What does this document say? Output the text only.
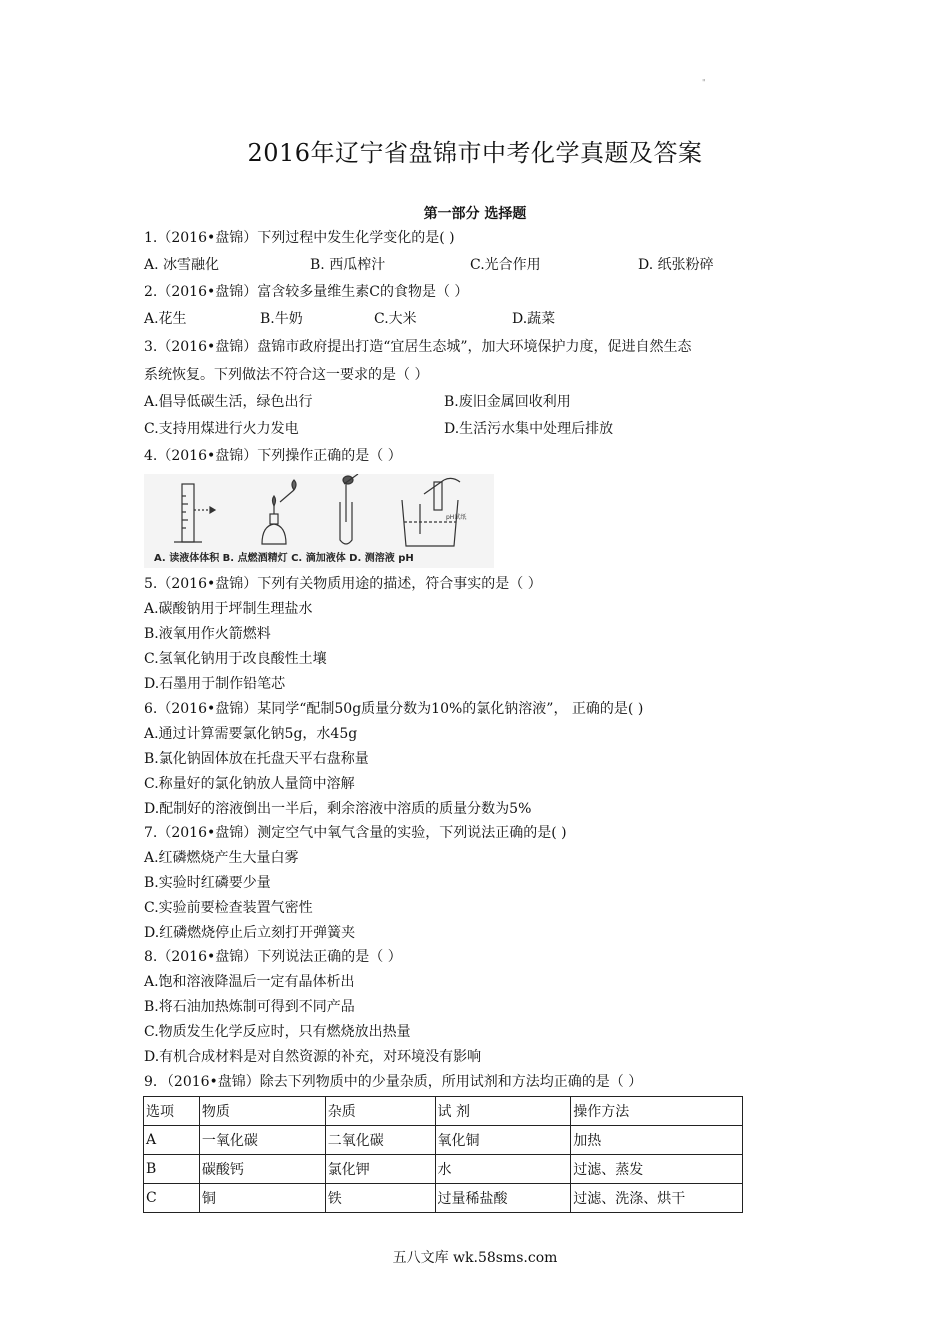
"
2016年辽宁省盘锦市中考化学真题及答案
第一部分 选择题
1.（2016•盘锦）下列过程中发生化学变化的是( )
A. 冰雪融化	B. 西瓜榨汁	C.光合作用	D. 纸张粉碎
2.（2016•盘锦）富含较多量维生素C的食物是（ ）
A.花生	B.牛奶	C.大米	D.蔬菜
3.（2016•盘锦）盘锦市政府提出打造“宜居生态城”，加大环境保护力度，促进自然生态
系统恢复。下列做法不符合这一要求的是（ ）
A.倡导低碳生活，绿色出行	B.废旧金属回收利用
C.支持用煤进行火力发电	D.生活污水集中处理后排放
4.（2016•盘锦）下列操作正确的是（ ）
A. 读液体体积 B. 点燃酒精灯 C. 滴加液体 D. 测溶液 pH
pH试纸
5.（2016•盘锦）下列有关物质用途的描述，符合事实的是（ ）
A.碳酸钠用于坪制生理盐水
B.液氧用作火箭燃料
C.氢氧化钠用于改良酸性土壤
D.石墨用于制作铅笔芯
6.（2016•盘锦）某同学“配制50g质量分数为10%的氯化钠溶液”， 正确的是( )
A.通过计算需要氯化钠5g，水45g
B.氯化钠固体放在托盘天平右盘称量
C.称量好的氯化钠放人量筒中溶解
D.配制好的溶液倒出一半后，剩余溶液中溶质的质量分数为5%
7.（2016•盘锦）测定空气中氧气含量的实验，下列说法正确的是( )
A.红磷燃烧产生大量白雾
B.实验时红磷要少量
C.实验前要检查装置气密性
D.红磷燃烧停止后立刻打开弹簧夹
8.（2016•盘锦）下列说法正确的是（ ）
A.饱和溶液降温后一定有晶体析出
B.将石油加热炼制可得到不同产品
C.物质发生化学反应时，只有燃烧放出热量
D.有机合成材料是对自然资源的补充，对环境没有影响
9．（2016•盘锦）除去下列物质中的少量杂质，所用试剂和方法均正确的是（ ）
选项	物质	杂质	试 剂	操作方法
A	一氧化碳	二氧化碳	氧化铜	加热
B	碳酸钙	氯化钾	水	过滤、蒸发
C	铜	铁	过量稀盐酸	过滤、洗涤、烘干
五八文库 wk.58sms.com
